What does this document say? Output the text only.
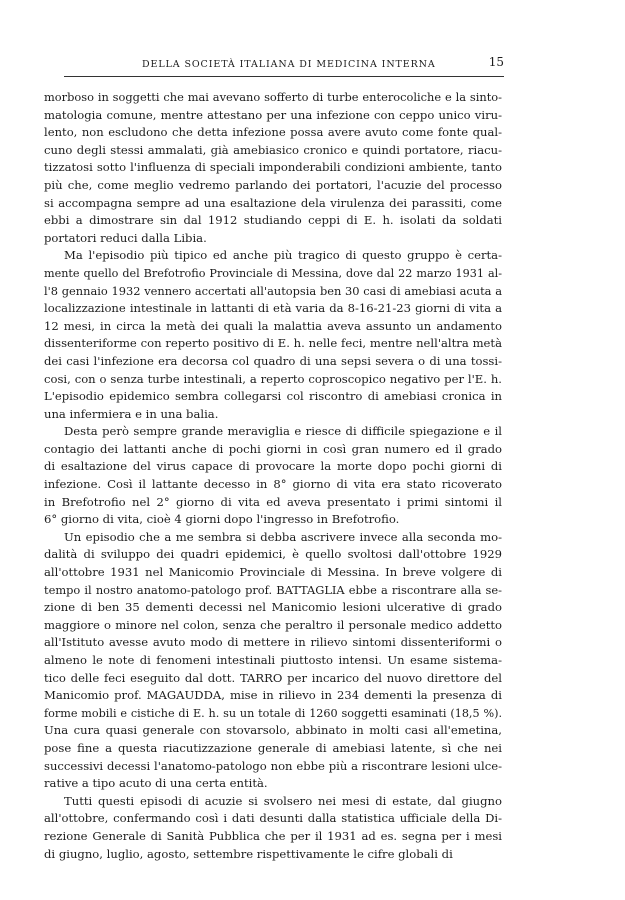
DELLA SOCIETÀ ITALIANA DI MEDICINA INTERNA	15
morboso in soggetti che mai avevano sofferto di turbe enterocoliche e la sinto-
matologia comune, mentre attestano per una infezione con ceppo unico viru-
lento, non escludono che detta infezione possa avere avuto come fonte qual-
cuno degli stessi ammalati, già amebiasico cronico e quindi portatore, riacu-
tizzatosi sotto l'influenza di speciali imponderabili condizioni ambiente, tanto
più che, come meglio vedremo parlando dei portatori, l'acuzie del processo
si accompagna sempre ad una esaltazione dela virulenza dei parassiti, come
ebbi a dimostrare sin dal 1912 studiando ceppi di E. h. isolati da soldati
portatori reduci dalla Libia.
Ma l'episodio più tipico ed anche più tragico di questo gruppo è certa-
mente quello del Brefotrofio Provinciale di Messina, dove dal 22 marzo 1931 al-
l'8 gennaio 1932 vennero accertati all'autopsia ben 30 casi di amebiasi acuta a
localizzazione intestinale in lattanti di età varia da 8-16-21-23 giorni di vita a
12 mesi, in circa la metà dei quali la malattia aveva assunto un andamento
dissenteriforme con reperto positivo di E. h. nelle feci, mentre nell'altra metà
dei casi l'infezione era decorsa col quadro di una sepsi severa o di una tossi-
cosi, con o senza turbe intestinali, a reperto coproscopico negativo per l'E. h.
L'episodio epidemico sembra collegarsi col riscontro di amebiasi cronica in
una infermiera e in una balia.
Desta però sempre grande meraviglia e riesce di difficile spiegazione e il
contagio dei lattanti anche di pochi giorni in così gran numero ed il grado
di esaltazione del virus capace di provocare la morte dopo pochi giorni di
infezione. Così il lattante decesso in 8° giorno di vita era stato ricoverato
in Brefotrofio nel 2° giorno di vita ed aveva presentato i primi sintomi il
6° giorno di vita, cioè 4 giorni dopo l'ingresso in Brefotrofio.
Un episodio che a me sembra si debba ascrivere invece alla seconda mo-
dalità di sviluppo dei quadri epidemici, è quello svoltosi dall'ottobre 1929
all'ottobre 1931 nel Manicomio Provinciale di Messina. In breve volgere di
tempo il nostro anatomo-patologo prof. BATTAGLIA ebbe a riscontrare alla se-
zione di ben 35 dementi decessi nel Manicomio lesioni ulcerative di grado
maggiore o minore nel colon, senza che peraltro il personale medico addetto
all'Istituto avesse avuto modo di mettere in rilievo sintomi dissenteriformi o
almeno le note di fenomeni intestinali piuttosto intensi. Un esame sistema-
tico delle feci eseguito dal dott. TARRO per incarico del nuovo direttore del
Manicomio prof. MAGAUDDA, mise in rilievo in 234 dementi la presenza di
forme mobili e cistiche di E. h. su un totale di 1260 soggetti esaminati (18,5 %).
Una cura quasi generale con stovarsolo, abbinato in molti casi all'emetina,
pose fine a questa riacutizzazione generale di amebiasi latente, sì che nei
successivi decessi l'anatomo-patologo non ebbe più a riscontrare lesioni ulce-
rative a tipo acuto di una certa entità.
Tutti questi episodi di acuzie si svolsero nei mesi di estate, dal giugno
all'ottobre, confermando così i dati desunti dalla statistica ufficiale della Di-
rezione Generale di Sanità Pubblica che per il 1931 ad es. segna per i mesi
di giugno, luglio, agosto, settembre rispettivamente le cifre globali di
